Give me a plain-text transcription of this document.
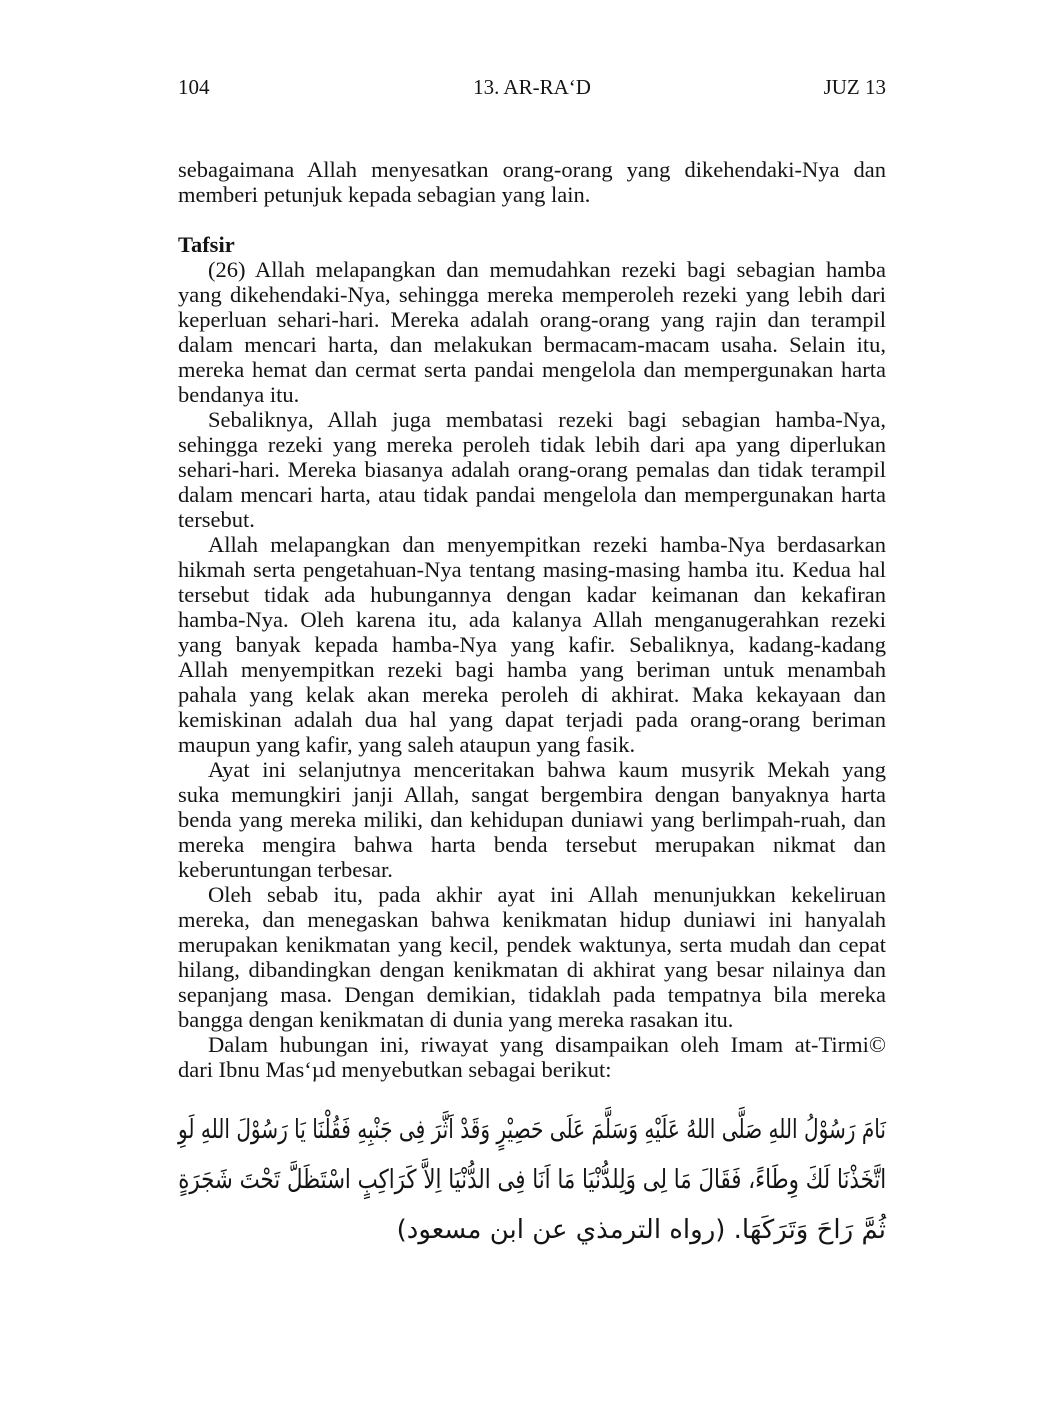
104	13. AR-RA‘D	JUZ 13
sebagaimana Allah menyesatkan orang-orang yang dikehendaki-Nya dan
memberi petunjuk kepada sebagian yang lain.
Tafsir
(26) Allah melapangkan dan memudahkan rezeki bagi sebagian hamba
yang dikehendaki-Nya, sehingga mereka memperoleh rezeki yang lebih dari
keperluan sehari-hari. Mereka adalah orang-orang yang rajin dan terampil
dalam mencari harta, dan melakukan bermacam-macam usaha. Selain itu,
mereka hemat dan cermat serta pandai mengelola dan mempergunakan harta
bendanya itu.
Sebaliknya, Allah juga membatasi rezeki bagi sebagian hamba-Nya,
sehingga rezeki yang mereka peroleh tidak lebih dari apa yang diperlukan
sehari-hari. Mereka biasanya adalah orang-orang pemalas dan tidak terampil
dalam mencari harta, atau tidak pandai mengelola dan mempergunakan harta
tersebut.
Allah melapangkan dan menyempitkan rezeki hamba-Nya berdasarkan
hikmah serta pengetahuan-Nya tentang masing-masing hamba itu. Kedua hal
tersebut tidak ada hubungannya dengan kadar keimanan dan kekafiran
hamba-Nya. Oleh karena itu, ada kalanya Allah menganugerahkan rezeki
yang banyak kepada hamba-Nya yang kafir. Sebaliknya, kadang-kadang
Allah menyempitkan rezeki bagi hamba yang beriman untuk menambah
pahala yang kelak akan mereka peroleh di akhirat. Maka kekayaan dan
kemiskinan adalah dua hal yang dapat terjadi pada orang-orang beriman
maupun yang kafir, yang saleh ataupun yang fasik.
Ayat ini selanjutnya menceritakan bahwa kaum musyrik Mekah yang
suka memungkiri janji Allah, sangat bergembira dengan banyaknya harta
benda yang mereka miliki, dan kehidupan duniawi yang berlimpah-ruah, dan
mereka mengira bahwa harta benda tersebut merupakan nikmat dan
keberuntungan terbesar.
Oleh sebab itu, pada akhir ayat ini Allah menunjukkan kekeliruan
mereka, dan menegaskan bahwa kenikmatan hidup duniawi ini hanyalah
merupakan kenikmatan yang kecil, pendek waktunya, serta mudah dan cepat
hilang, dibandingkan dengan kenikmatan di akhirat yang besar nilainya dan
sepanjang masa. Dengan demikian, tidaklah pada tempatnya bila mereka
bangga dengan kenikmatan di dunia yang mereka rasakan itu.
Dalam hubungan ini, riwayat yang disampaikan oleh Imam at-Tirmi©
dari Ibnu Mas‘µd menyebutkan sebagai berikut:
نَامَ رَسُوْلُ اللهِ صَلَّى اللهُ عَلَيْهِ وَسَلَّمَ عَلَى حَصِيْرٍ وَقَدْ اَثَّرَ فِى جَنْبِهِ فَقُلْنَا يَا رَسُوْلَ اللهِ لَوِ
اتَّخَذْنَا لَكَ وِطَاءً، فَقَالَ مَا لِى وَلِلدُّنْيَا مَا اَنَا فِى الدُّنْيَا اِلاَّ كَرَاكِبٍ اسْتَظَلَّ تَحْتَ شَجَرَةٍ
ثُمَّ رَاحَ وَتَرَكَهَا. (رواه الترمذي عن ابن مسعود)
